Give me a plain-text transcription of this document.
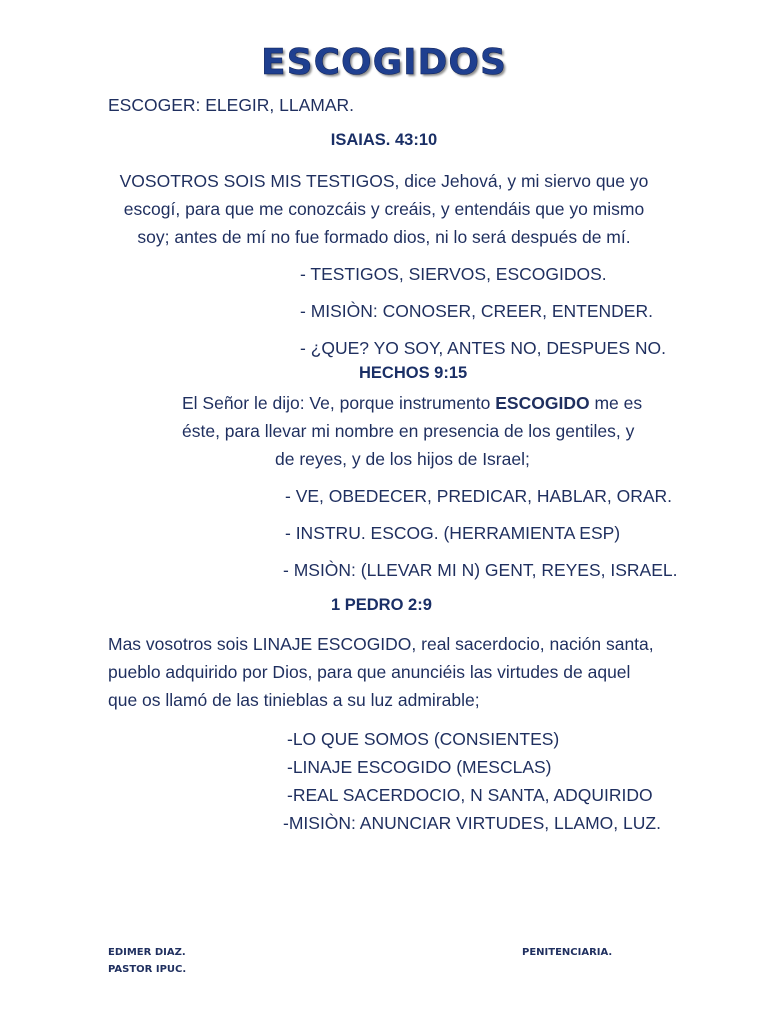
ESCOGIDOS
ESCOGER: ELEGIR, LLAMAR.
ISAIAS. 43:10
VOSOTROS SOIS MIS TESTIGOS, dice Jehová, y mi siervo que yo
escogí, para que me conozcáis y creáis, y entendáis que yo mismo
soy; antes de mí no fue formado dios, ni lo será después de mí.
- TESTIGOS, SIERVOS, ESCOGIDOS.
- MISIÒN: CONOSER, CREER, ENTENDER.
- ¿QUE? YO SOY, ANTES NO, DESPUES NO.
HECHOS 9:15
El Señor le dijo: Ve, porque instrumento ESCOGIDO me es
éste, para llevar mi nombre en presencia de los gentiles, y
de reyes, y de los hijos de Israel;
- VE, OBEDECER, PREDICAR, HABLAR, ORAR.
- INSTRU. ESCOG. (HERRAMIENTA ESP)
- MSIÒN: (LLEVAR MI N) GENT, REYES, ISRAEL.
1 PEDRO 2:9
Mas vosotros sois LINAJE ESCOGIDO, real sacerdocio, nación santa,
pueblo adquirido por Dios, para que anunciéis las virtudes de aquel
que os llamó de las tinieblas a su luz admirable;
-LO QUE SOMOS (CONSIENTES)
-LINAJE ESCOGIDO (MESCLAS)
-REAL SACERDOCIO, N SANTA, ADQUIRIDO
-MISIÒN: ANUNCIAR VIRTUDES, LLAMO, LUZ.
EDIMER DIAZ.
PASTOR IPUC.
PENITENCIARIA.
